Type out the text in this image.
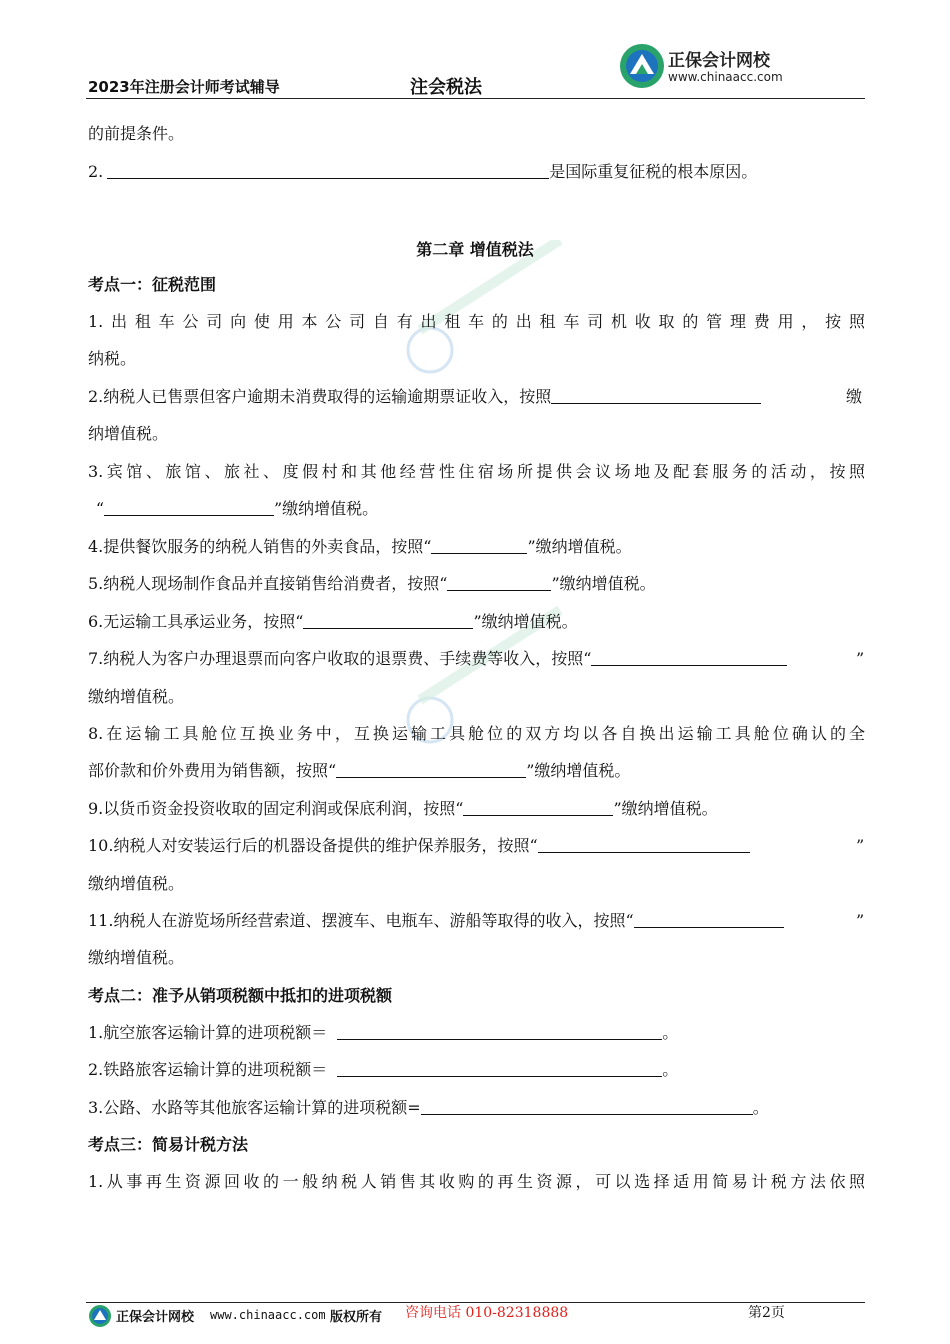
2023年注册会计师考试辅导	注会税法
正保会计网校
www.chinaacc.com
的前提条件。
2.	是国际重复征税的根本原因。
第二章 增值税法
考点一：征税范围
1.出租车公司向使用本公司自有出租车的出租车司机收取的管理费用，按照
纳税。
2.纳税人已售票但客户逾期未消费取得的运输逾期票证收入，按照	缴
纳增值税。
3.宾馆、旅馆、旅社、度假村和其他经营性住宿场所提供会议场地及配套服务的活动，按照
“	”缴纳增值税。
4.提供餐饮服务的纳税人销售的外卖食品，按照“	”缴纳增值税。
5.纳税人现场制作食品并直接销售给消费者，按照“	”缴纳增值税。
6.无运输工具承运业务，按照“	”缴纳增值税。
7.纳税人为客户办理退票而向客户收取的退票费、手续费等收入，按照“	”
缴纳增值税。
8.在运输工具舱位互换业务中，互换运输工具舱位的双方均以各自换出运输工具舱位确认的全
部价款和价外费用为销售额，按照“	”缴纳增值税。
9.以货币资金投资收取的固定利润或保底利润，按照“	”缴纳增值税。
10.纳税人对安装运行后的机器设备提供的维护保养服务，按照“	”
缴纳增值税。
11.纳税人在游览场所经营索道、摆渡车、电瓶车、游船等取得的收入，按照“	”
缴纳增值税。
考点二：准予从销项税额中抵扣的进项税额
1.航空旅客运输计算的进项税额＝	。
2.铁路旅客运输计算的进项税额＝	。
3.公路、水路等其他旅客运输计算的进项税额=	。
考点三：简易计税方法
1.从事再生资源回收的一般纳税人销售其收购的再生资源，可以选择适用简易计税方法依照
正保会计网校 www.chinaacc.com 版权所有 咨询电话 010-82318888	第2页
